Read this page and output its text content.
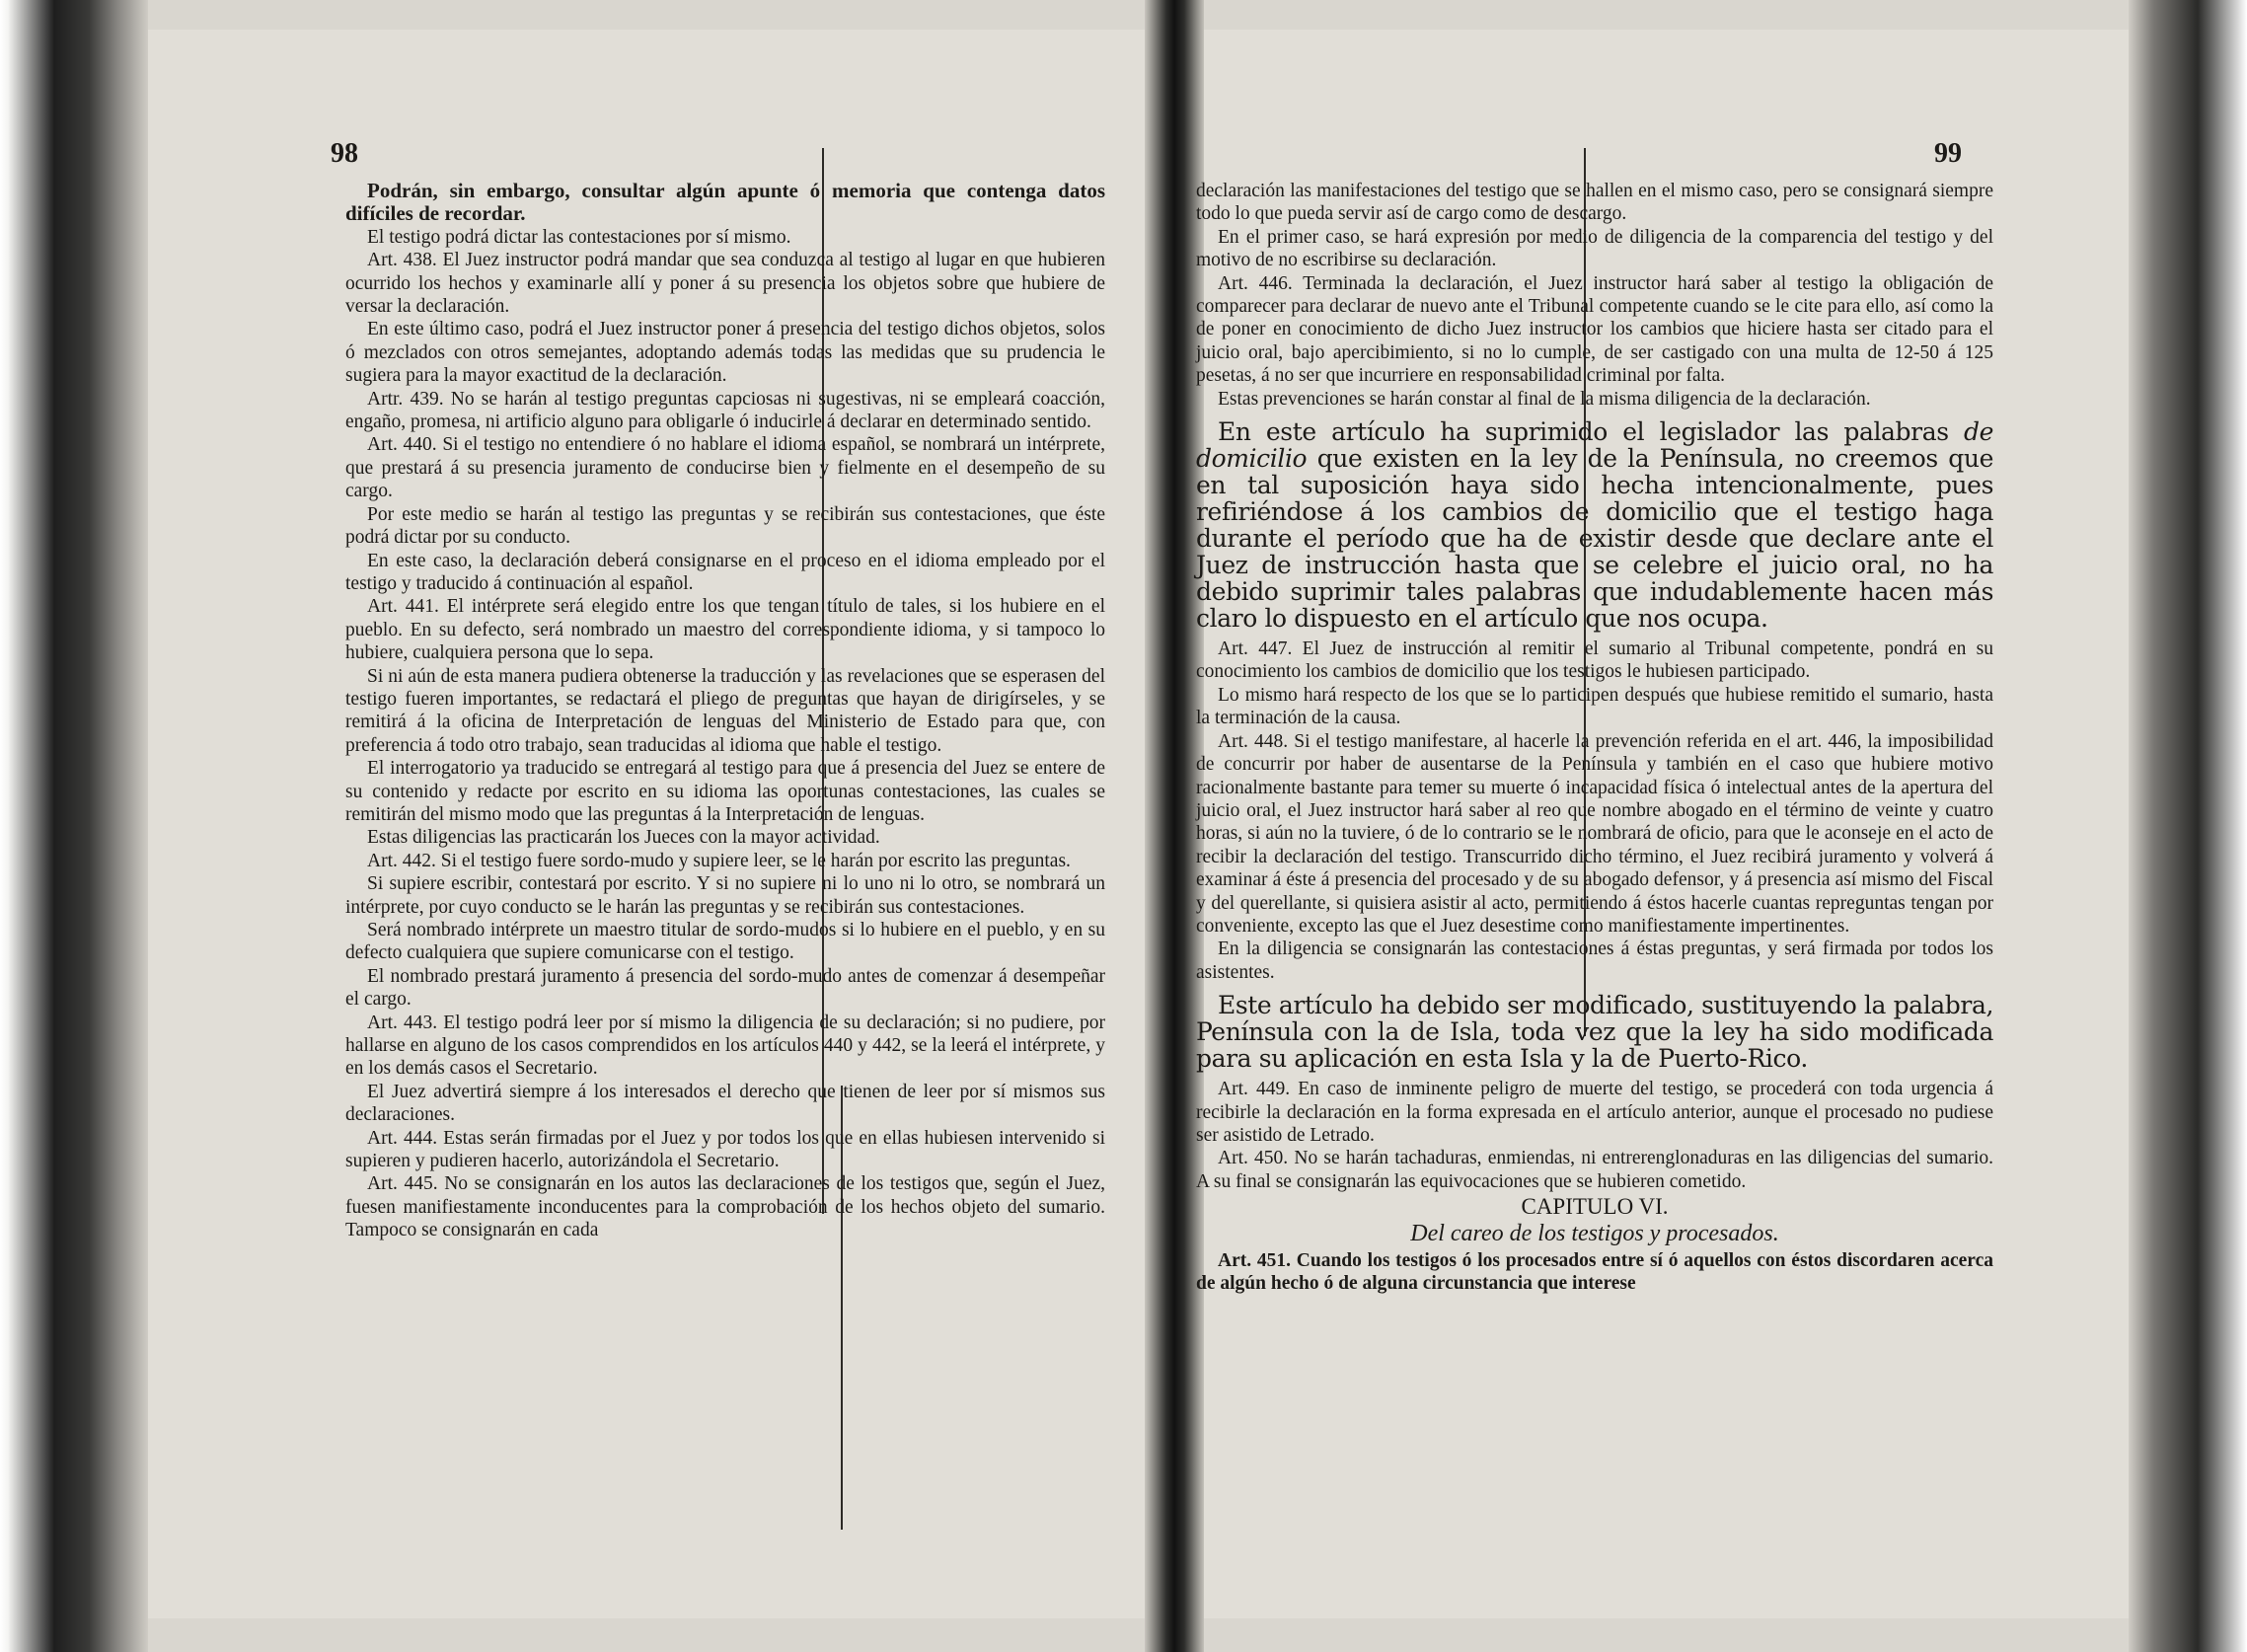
98	99

Podrán, sin embargo, consultar algún apunte ó memoria que contenga datos difíciles de recordar.

El testigo podrá dictar las contestaciones por sí mismo.

Art. 438. El Juez instructor podrá mandar que sea conduzca al testigo al lugar en que hubieren ocurrido los hechos y examinarle allí y poner á su presencia los objetos sobre que hubiere de versar la declaración.

En este último caso, podrá el Juez instructor poner á presencia del testigo dichos objetos, solos ó mezclados con otros semejantes, adoptando además todas las medidas que su prudencia le sugiera para la mayor exactitud de la declaración.

Artr. 439. No se harán al testigo preguntas capciosas ni sugestivas, ni se empleará coacción, engaño, promesa, ni artificio alguno para obligarle ó inducirle á declarar en determinado sentido.

Art. 440. Si el testigo no entendiere ó no hablare el idioma español, se nombrará un intérprete, que prestará á su presencia juramento de conducirse bien y fielmente en el desempeño de su cargo.

Por este medio se harán al testigo las preguntas y se recibirán sus contestaciones, que éste podrá dictar por su conducto.

En este caso, la declaración deberá consignarse en el proceso en el idioma empleado por el testigo y traducido á continuación al español.

Art. 441. El intérprete será elegido entre los que tengan título de tales, si los hubiere en el pueblo. En su defecto, será nombrado un maestro del correspondiente idioma, y si tampoco lo hubiere, cualquiera persona que lo sepa.

Si ni aún de esta manera pudiera obtenerse la traducción y las revelaciones que se esperasen del testigo fueren importantes, se redactará el pliego de preguntas que hayan de dirigírseles, y se remitirá á la oficina de Interpretación de lenguas del Ministerio de Estado para que, con preferencia á todo otro trabajo, sean traducidas al idioma que hable el testigo.

El interrogatorio ya traducido se entregará al testigo para que á presencia del Juez se entere de su contenido y redacte por escrito en su idioma las oportunas contestaciones, las cuales se remitirán del mismo modo que las preguntas á la Interpretación de lenguas.

Estas diligencias las practicarán los Jueces con la mayor actividad.

Art. 442. Si el testigo fuere sordo-mudo y supiere leer, se le harán por escrito las preguntas.

Si supiere escribir, contestará por escrito. Y si no supiere ni lo uno ni lo otro, se nombrará un intérprete, por cuyo conducto se le harán las preguntas y se recibirán sus contestaciones.

Será nombrado intérprete un maestro titular de sordo-mudos si lo hubiere en el pueblo, y en su defecto cualquiera que supiere comunicarse con el testigo.

El nombrado prestará juramento á presencia del sordo-mudo antes de comenzar á desempeñar el cargo.

Art. 443. El testigo podrá leer por sí mismo la diligencia de su declaración; si no pudiere, por hallarse en alguno de los casos comprendidos en los artículos 440 y 442, se la leerá el intérprete, y en los demás casos el Secretario.

El Juez advertirá siempre á los interesados el derecho que tienen de leer por sí mismos sus declaraciones.

Art. 444. Estas serán firmadas por el Juez y por todos los que en ellas hubiesen intervenido si supieren y pudieren hacerlo, autorizándola el Secretario.

Art. 445. No se consignarán en los autos las declaraciones de los testigos que, según el Juez, fuesen manifiestamente inconducentes para la comprobación de los hechos objeto del sumario. Tampoco se consignarán en cada

declaración las manifestaciones del testigo que se hallen en el mismo caso, pero se consignará siempre todo lo que pueda servir así de cargo como de descargo.

En el primer caso, se hará expresión por medio de diligencia de la comparencia del testigo y del motivo de no escribirse su declaración.

Art. 446. Terminada la declaración, el Juez instructor hará saber al testigo la obligación de comparecer para declarar de nuevo ante el Tribunal competente cuando se le cite para ello, así como la de poner en conocimiento de dicho Juez instructor los cambios que hiciere hasta ser citado para el juicio oral, bajo apercibimiento, si no lo cumple, de ser castigado con una multa de 12-50 á 125 pesetas, á no ser que incurriere en responsabilidad criminal por falta.

Estas prevenciones se harán constar al final de la misma diligencia de la declaración.

En este artículo ha suprimido el legislador las palabras de domicilio que existen en la ley de la Península, no creemos que en tal suposición haya sido hecha intencionalmente, pues refiriéndose á los cambios de domicilio que el testigo haga durante el período que ha de existir desde que declare ante el Juez de instrucción hasta que se celebre el juicio oral, no ha debido suprimir tales palabras que indudablemente hacen más claro lo dispuesto en el artículo que nos ocupa.

Art. 447. El Juez de instrucción al remitir el sumario al Tribunal competente, pondrá en su conocimiento los cambios de domicilio que los testigos le hubiesen participado.

Lo mismo hará respecto de los que se lo participen después que hubiese remitido el sumario, hasta la terminación de la causa.

Art. 448. Si el testigo manifestare, al hacerle la prevención referida en el art. 446, la imposibilidad de concurrir por haber de ausentarse de la Península y también en el caso que hubiere motivo racionalmente bastante para temer su muerte ó incapacidad física ó intelectual antes de la apertura del juicio oral, el Juez instructor hará saber al reo que nombre abogado en el término de veinte y cuatro horas, si aún no la tuviere, ó de lo contrario se le nombrará de oficio, para que le aconseje en el acto de recibir la declaración del testigo. Transcurrido dicho término, el Juez recibirá juramento y volverá á examinar á éste á presencia del procesado y de su abogado defensor, y á presencia así mismo del Fiscal y del querellante, si quisiera asistir al acto, permitiendo á éstos hacerle cuantas repreguntas tengan por conveniente, excepto las que el Juez desestime como manifiestamente impertinentes.

En la diligencia se consignarán las contestaciones á éstas preguntas, y será firmada por todos los asistentes.

Este artículo ha debido ser modificado, sustituyendo la palabra, Península con la de Isla, toda vez que la ley ha sido modificada para su aplicación en esta Isla y la de Puerto-Rico.

Art. 449. En caso de inminente peligro de muerte del testigo, se procederá con toda urgencia á recibirle la declaración en la forma expresada en el artículo anterior, aunque el procesado no pudiese ser asistido de Letrado.

Art. 450. No se harán tachaduras, enmiendas, ni entrerenglonaduras en las diligencias del sumario. A su final se consignarán las equivocaciones que se hubieren cometido.

CAPITULO VI.

Del careo de los testigos y procesados.

Art. 451. Cuando los testigos ó los procesados entre sí ó aquellos con éstos discordaren acerca de algún hecho ó de alguna circunstancia que interese
